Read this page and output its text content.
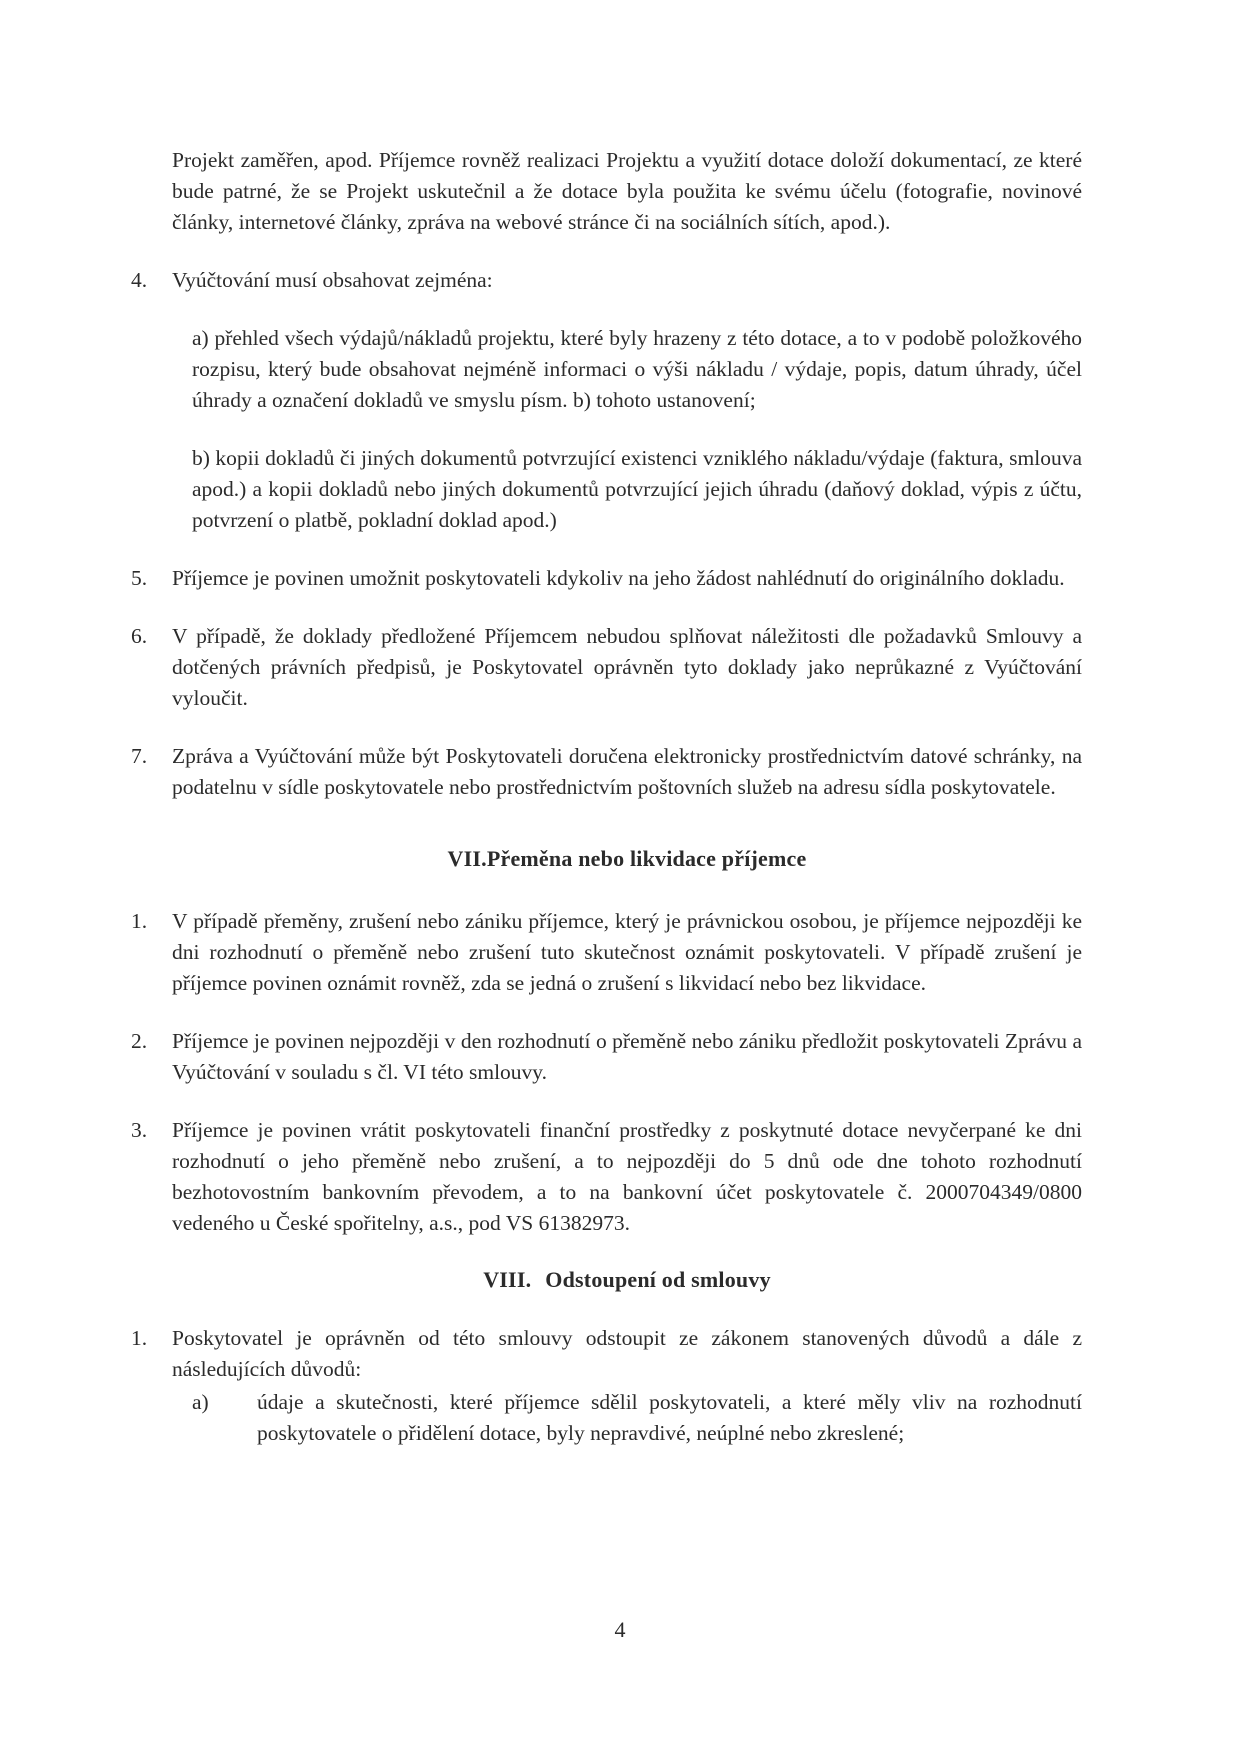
Projekt zaměřen, apod. Příjemce rovněž realizaci Projektu a využití dotace doloží dokumentací, ze které bude patrné, že se Projekt uskutečnil a že dotace byla použita ke svému účelu (fotografie, novinové články, internetové články, zpráva na webové stránce či na sociálních sítích, apod.).

4. Vyúčtování musí obsahovat zejména:

a) přehled všech výdajů/nákladů projektu, které byly hrazeny z této dotace, a to v podobě položkového rozpisu, který bude obsahovat nejméně informaci o výši nákladu / výdaje, popis, datum úhrady, účel úhrady a označení dokladů ve smyslu písm. b) tohoto ustanovení;

b) kopii dokladů či jiných dokumentů potvrzující existenci vzniklého nákladu/výdaje (faktura, smlouva apod.) a kopii dokladů nebo jiných dokumentů potvrzující jejich úhradu (daňový doklad, výpis z účtu, potvrzení o platbě, pokladní doklad apod.)

5. Příjemce je povinen umožnit poskytovateli kdykoliv na jeho žádost nahlédnutí do originálního dokladu.

6. V případě, že doklady předložené Příjemcem nebudou splňovat náležitosti dle požadavků Smlouvy a dotčených právních předpisů, je Poskytovatel oprávněn tyto doklady jako neprůkazné z Vyúčtování vyloučit.

7. Zpráva a Vyúčtování může být Poskytovateli doručena elektronicky prostřednictvím datové schránky, na podatelnu v sídle poskytovatele nebo prostřednictvím poštovních služeb na adresu sídla poskytovatele.

VII.Přeměna nebo likvidace příjemce
1. V případě přeměny, zrušení nebo zániku příjemce, který je právnickou osobou, je příjemce nejpozději ke dni rozhodnutí o přeměně nebo zrušení tuto skutečnost oznámit poskytovateli. V případě zrušení je příjemce povinen oznámit rovněž, zda se jedná o zrušení s likvidací nebo bez likvidace.

2. Příjemce je povinen nejpozději v den rozhodnutí o přeměně nebo zániku předložit poskytovateli Zprávu a Vyúčtování v souladu s čl. VI této smlouvy.

3. Příjemce je povinen vrátit poskytovateli finanční prostředky z poskytnuté dotace nevyčerpané ke dni rozhodnutí o jeho přeměně nebo zrušení, a to nejpozději do 5 dnů ode dne tohoto rozhodnutí bezhotovostním bankovním převodem, a to na bankovní účet poskytovatele č. 2000704349/0800 vedeného u České spořitelny, a.s., pod VS 61382973.

VIII. Odstoupení od smlouvy
1. Poskytovatel je oprávněn od této smlouvy odstoupit ze zákonem stanovených důvodů a dále z následujících důvodů:

a) údaje a skutečnosti, které příjemce sdělil poskytovateli, a které měly vliv na rozhodnutí poskytovatele o přidělení dotace, byly nepravdivé, neúplné nebo zkreslené;

4
